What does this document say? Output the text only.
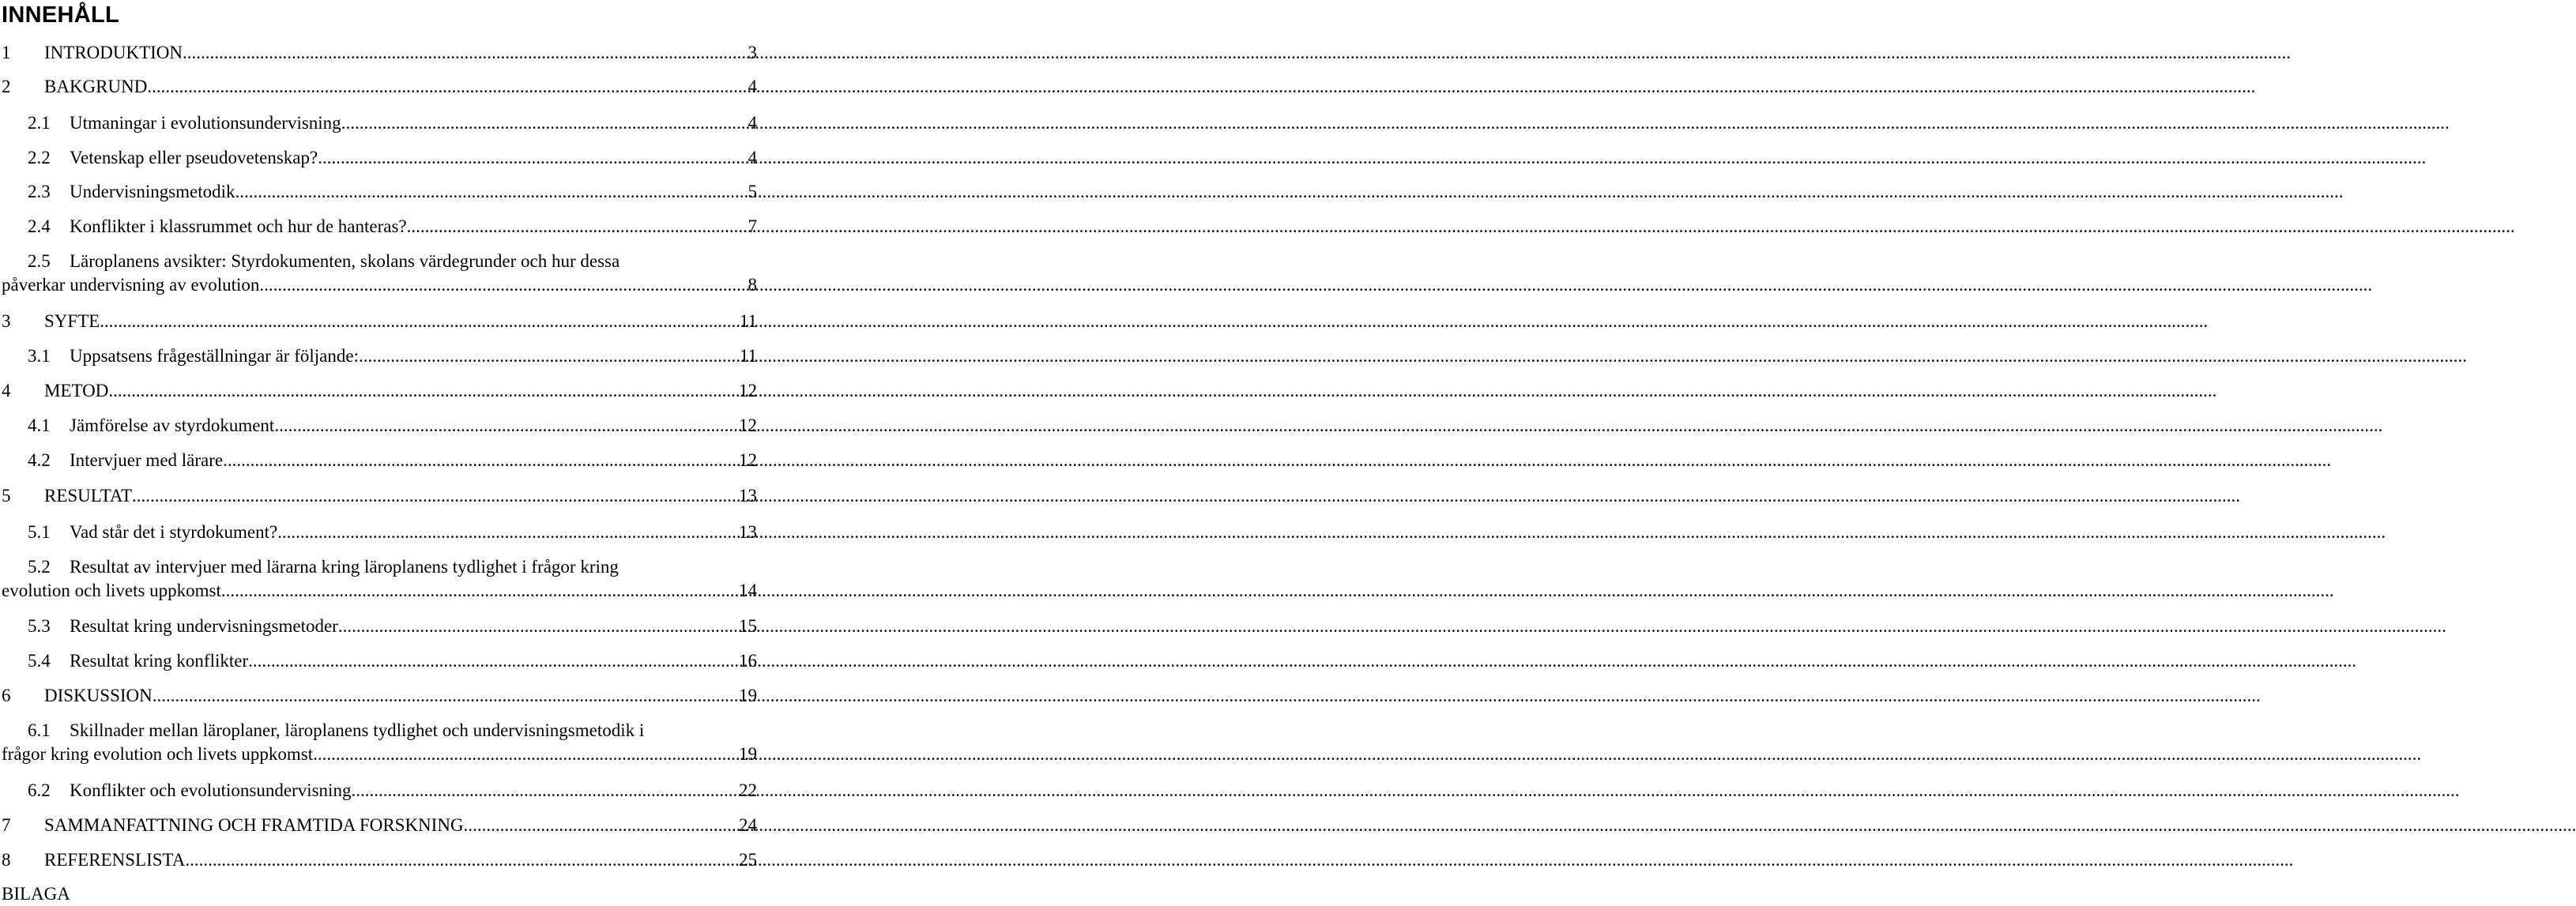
INNEHÅLL
1	INTRODUKTION .....	3
2	BAKGRUND .....	4
2.1	Utmaningar i evolutionsundervisning .....	4
2.2	Vetenskap eller pseudovetenskap? .....	4
2.3	Undervisningsmetodik .....	5
2.4	Konflikter i klassrummet och hur de hanteras? .....	7
2.5	Läroplanens avsikter: Styrdokumenten, skolans värdegrunder och hur dessa
påverkar undervisning av evolution. .....	8
3	SYFTE .....	11
3.1	Uppsatsens frågeställningar är följande: .....	11
4	METOD .....	12
4.1	Jämförelse av styrdokument .....	12
4.2	Intervjuer med lärare .....	12
5	RESULTAT .....	13
5.1	Vad står det i styrdokument? .....	13
5.2	Resultat av intervjuer med lärarna kring läroplanens tydlighet i frågor kring
evolution och livets uppkomst. .....	14
5.3	Resultat kring undervisningsmetoder .....	15
5.4	Resultat kring konflikter .....	16
6	DISKUSSION .....	19
6.1	Skillnader mellan läroplaner, läroplanens tydlighet och undervisningsmetodik i
frågor kring evolution och livets uppkomst .....	19
6.2	Konflikter och evolutionsundervisning .....	22
7	SAMMANFATTNING OCH FRAMTIDA FORSKNING. .....	24
8	REFERENSLISTA .....	25
BILAGA
